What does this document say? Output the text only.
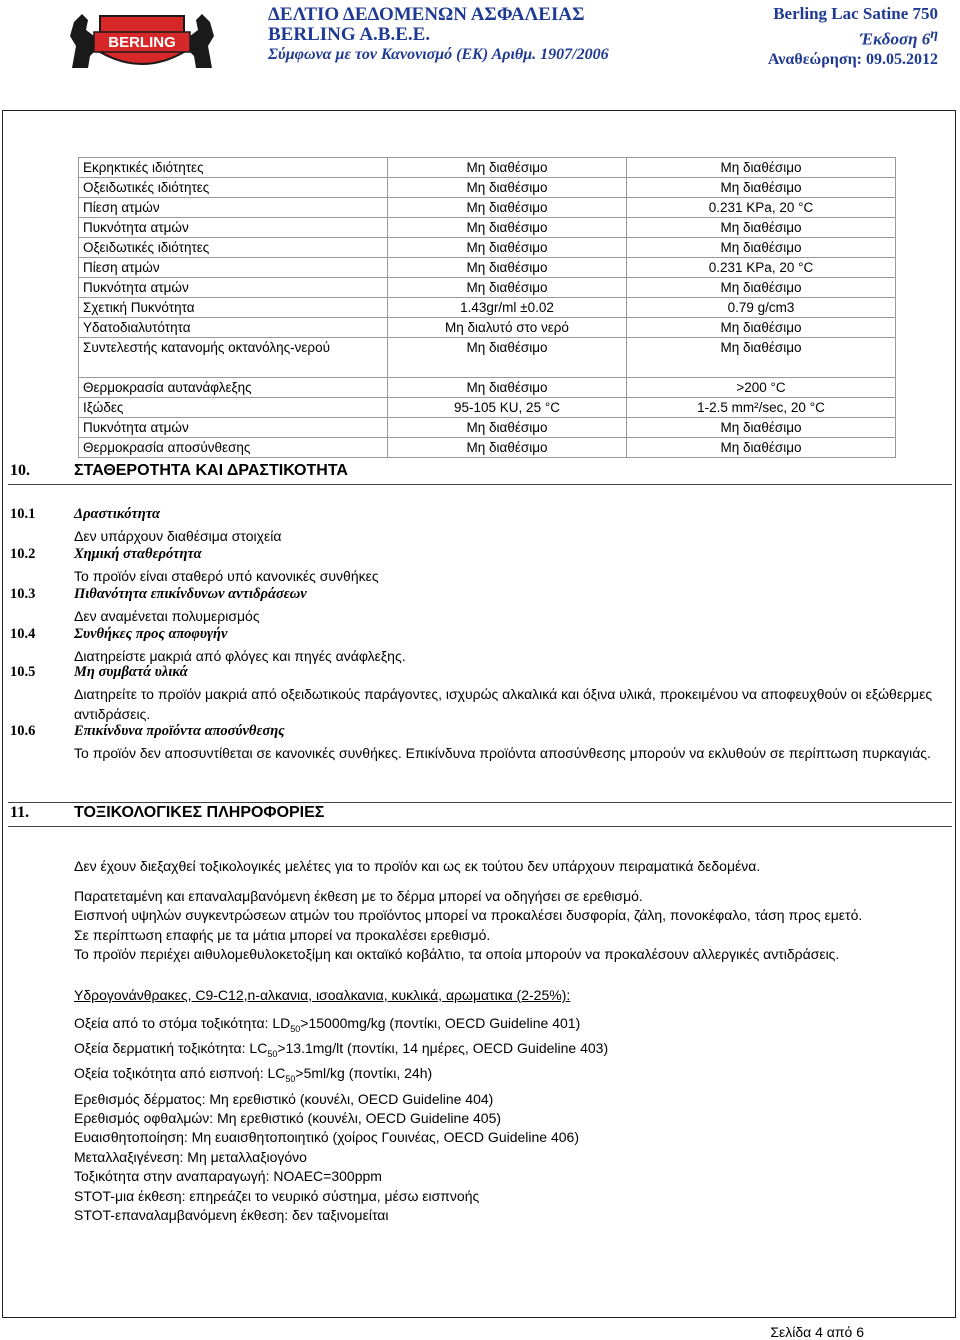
BERLING
ΔΕΛΤΙΟ ΔΕΔΟΜΕΝΩΝ ΑΣΦΑΛΕΙΑΣ
BERLING A.B.E.E.
Σύμφωνα με τον Κανονισμό (ΕΚ) Αριθμ. 1907/2006
Berling Lac Satine 750
Έκδοση $6^\eta$
Αναθεώρηση: 09.05.2012
Εκρηκτικές ιδιότητες	Μη διαθέσιμο	Μη διαθέσιμο
Οξειδωτικές ιδιότητες	Μη διαθέσιμο	Μη διαθέσιμο
Πίεση ατμών	Μη διαθέσιμο	0.231 KPa, 20 °C
Πυκνότητα ατμών	Μη διαθέσιμο	Μη διαθέσιμο
Οξειδωτικές ιδιότητες	Μη διαθέσιμο	Μη διαθέσιμο
Πίεση ατμών	Μη διαθέσιμο	0.231 KPa, 20 °C
Πυκνότητα ατμών	Μη διαθέσιμο	Μη διαθέσιμο
Σχετική Πυκνότητα	1.43gr/ml ±0.02	0.79 g/cm3
Υδατοδιαλυτότητα	Μη διαλυτό στο νερό	Μη διαθέσιμο
Συντελεστής κατανομής οκτανόλης-νερού	Μη διαθέσιμο	Μη διαθέσιμο
Θερμοκρασία αυτανάφλεξης	Μη διαθέσιμο	>200 °C
Ιξώδες	95-105 KU, 25 °C	1-2.5 mm²/sec, 20 °C
Πυκνότητα ατμών	Μη διαθέσιμο	Μη διαθέσιμο
Θερμοκρασία αποσύνθεσης	Μη διαθέσιμο	Μη διαθέσιμο
10.	ΣΤΑΘΕΡΟΤΗΤΑ ΚΑΙ ΔΡΑΣΤΙΚΟΤΗΤΑ
10.1	Δραστικότητα
Δεν υπάρχουν διαθέσιμα στοιχεία
10.2	Χημική σταθερότητα
Το προϊόν είναι σταθερό υπό κανονικές συνθήκες
10.3	Πιθανότητα επικίνδυνων αντιδράσεων
Δεν αναμένεται πολυμερισμός
10.4	Συνθήκες προς αποφυγήν
Διατηρείστε μακριά από φλόγες και πηγές ανάφλεξης.
10.5	Μη συμβατά υλικά
Διατηρείτε το προϊόν μακριά από οξειδωτικούς παράγοντες, ισχυρώς αλκαλικά και όξινα υλικά, προκειμένου να αποφευχθούν οι εξώθερμες αντιδράσεις.
10.6	Επικίνδυνα προϊόντα αποσύνθεσης
Το προϊόν δεν αποσυντίθεται σε κανονικές συνθήκες. Επικίνδυνα προϊόντα αποσύνθεσης μπορούν να εκλυθούν σε περίπτωση πυρκαγιάς.
11.	ΤΟΞΙΚΟΛΟΓΙΚΕΣ ΠΛΗΡΟΦΟΡΙΕΣ
Δεν έχουν διεξαχθεί τοξικολογικές μελέτες για το προϊόν και ως εκ τούτου δεν υπάρχουν πειραματικά δεδομένα.
Παρατεταμένη και επαναλαμβανόμενη έκθεση με το δέρμα μπορεί να οδηγήσει σε ερεθισμό.
Εισπνοή υψηλών συγκεντρώσεων ατμών του προϊόντος μπορεί να προκαλέσει δυσφορία, ζάλη, πονοκέφαλο, τάση προς εμετό.
Σε περίπτωση επαφής με τα μάτια μπορεί να προκαλέσει ερεθισμό.
Το προϊόν περιέχει αιθυλομεθυλοκετοξίμη και οκταϊκό κοβάλτιο, τα οποία μπορούν να προκαλέσουν αλλεργικές αντιδράσεις.
Υδρογονάνθρακες, C9-C12,n-αλκανια, ισοαλκανια, κυκλικά, αρωματικα (2-25%):
Οξεία από το στόμα τοξικότητα: $LD_{50}>15000mg/kg$ (ποντίκι, OECD Guideline 401)
Οξεία δερματική τοξικότητα: $LC_{50}>13.1mg/lt$ (ποντίκι, 14 ημέρες, OECD Guideline 403)
Οξεία τοξικότητα από εισπνοή: $LC_{50}>5ml/kg$ (ποντίκι, 24h)
Ερεθισμός δέρματος: Μη ερεθιστικό (κουνέλι, OECD Guideline 404)
Ερεθισμός οφθαλμών: Μη ερεθιστικό (κουνέλι, OECD Guideline 405)
Ευαισθητοποίηση: Μη ευαισθητοποιητικό (χοίρος Γουινέας, OECD Guideline 406)
Μεταλλαξιγένεση: Μη μεταλλαξιογόνο
Τοξικότητα στην αναπαραγωγή: NOAEC=300ppm
STOT-μια έκθεση: επηρεάζει το νευρικό σύστημα, μέσω εισπνοής
STOT-επαναλαμβανόμενη έκθεση: δεν ταξινομείται
Σελίδα 4 από 6
